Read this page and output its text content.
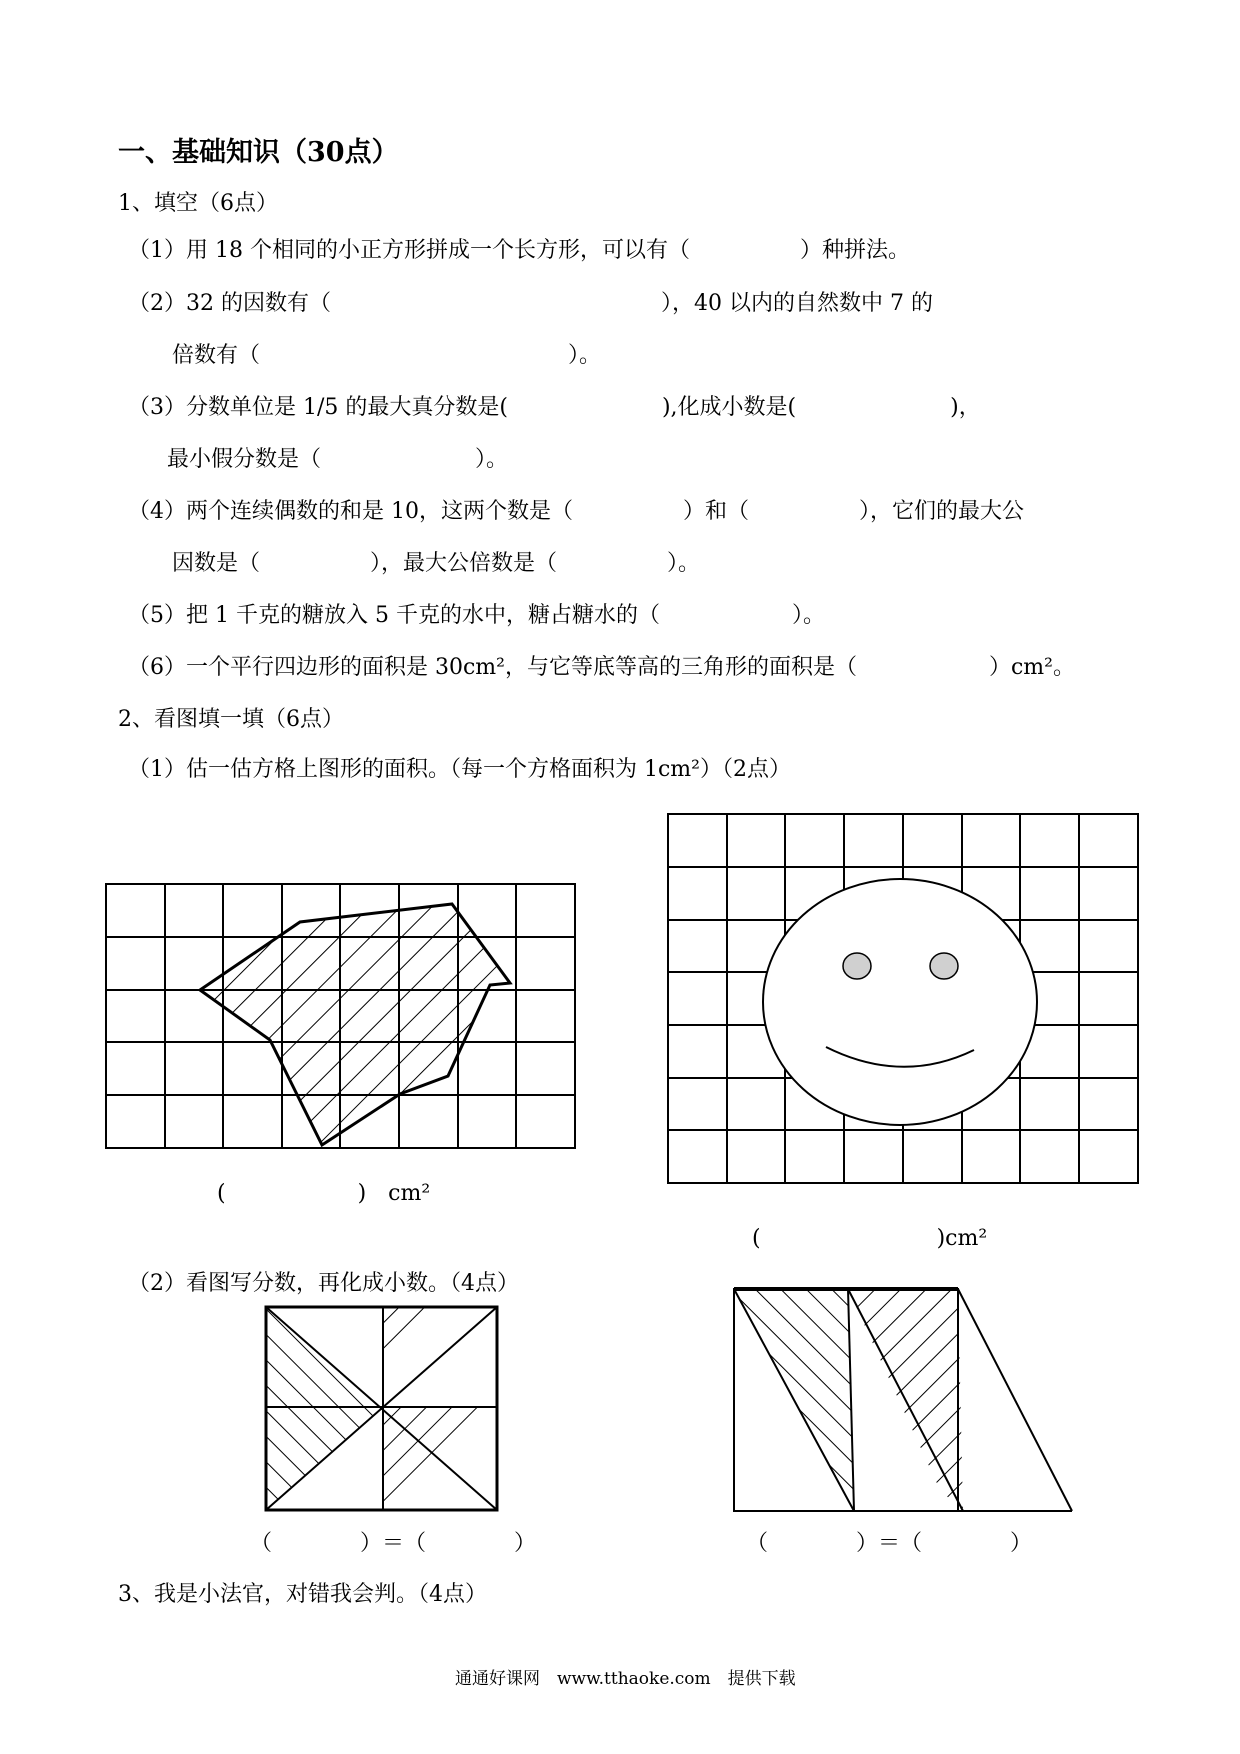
一、基础知识（30点）
1、填空（6点）
（1）用 18 个相同的小正方形拼成一个长方形，可以有（　　　　　）种拼法。
（2）32 的因数有（　　　　　　　　　　　　　　　），40 以内的自然数中 7 的
倍数有（　　　　　　　　　　　　　　）。
（3）分数单位是 1/5 的最大真分数是(　　　　　　　),化成小数是(　　　　　　　)，
最小假分数是（　　　　　　　）。
（4）两个连续偶数的和是 10，这两个数是（　　　　　）和（　　　　　），它们的最大公
因数是（　　　　　），最大公倍数是（　　　　　）。
（5）把 1 千克的糖放入 5 千克的水中，糖占糖水的（　　　　　　）。
（6）一个平行四边形的面积是 30cm²，与它等底等高的三角形的面积是（　　　　　　）cm²。
2、看图填一填（6点）
（1）估一估方格上图形的面积。（每一个方格面积为 1cm²）（2点）
(　　　　　　)　cm²
(　　　　　　　　)cm²
（2）看图写分数，再化成小数。（4点）
（　　　　）＝（　　　　）	（　　　　）＝（　　　　）
3、我是小法官，对错我会判。（4点）
通通好课网　www.tthaoke.com　提供下载
